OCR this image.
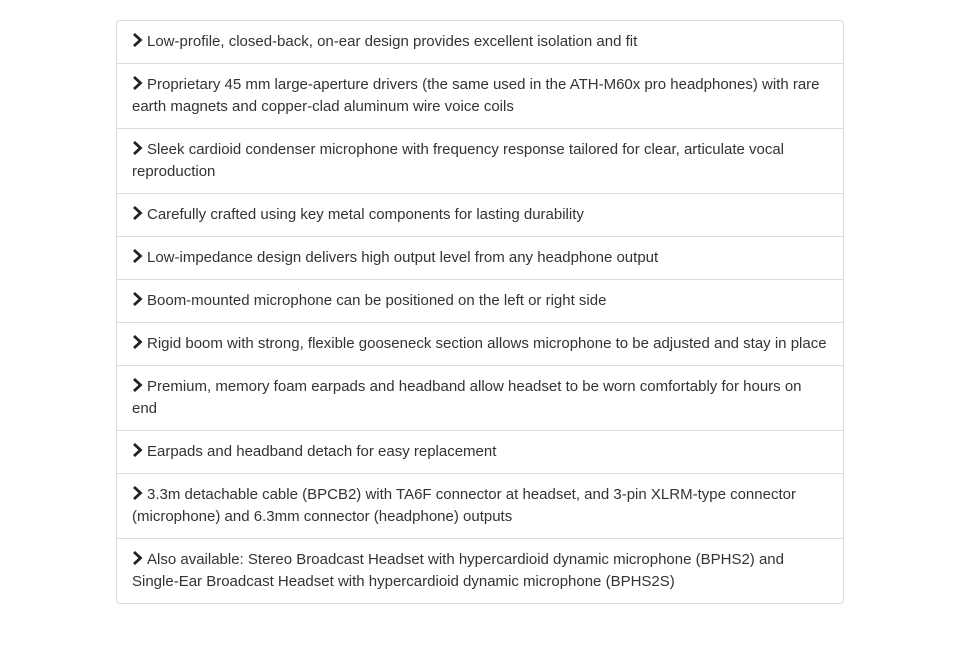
Low-profile, closed-back, on-ear design provides excellent isolation and fit
Proprietary 45 mm large-aperture drivers (the same used in the ATH-M60x pro headphones) with rare earth magnets and copper-clad aluminum wire voice coils
Sleek cardioid condenser microphone with frequency response tailored for clear, articulate vocal reproduction
Carefully crafted using key metal components for lasting durability
Low-impedance design delivers high output level from any headphone output
Boom-mounted microphone can be positioned on the left or right side
Rigid boom with strong, flexible gooseneck section allows microphone to be adjusted and stay in place
Premium, memory foam earpads and headband allow headset to be worn comfortably for hours on end
Earpads and headband detach for easy replacement
3.3m detachable cable (BPCB2) with TA6F connector at headset, and 3-pin XLRM-type connector (microphone) and 6.3mm connector (headphone) outputs
Also available: Stereo Broadcast Headset with hypercardioid dynamic microphone (BPHS2) and Single-Ear Broadcast Headset with hypercardioid dynamic microphone (BPHS2S)
